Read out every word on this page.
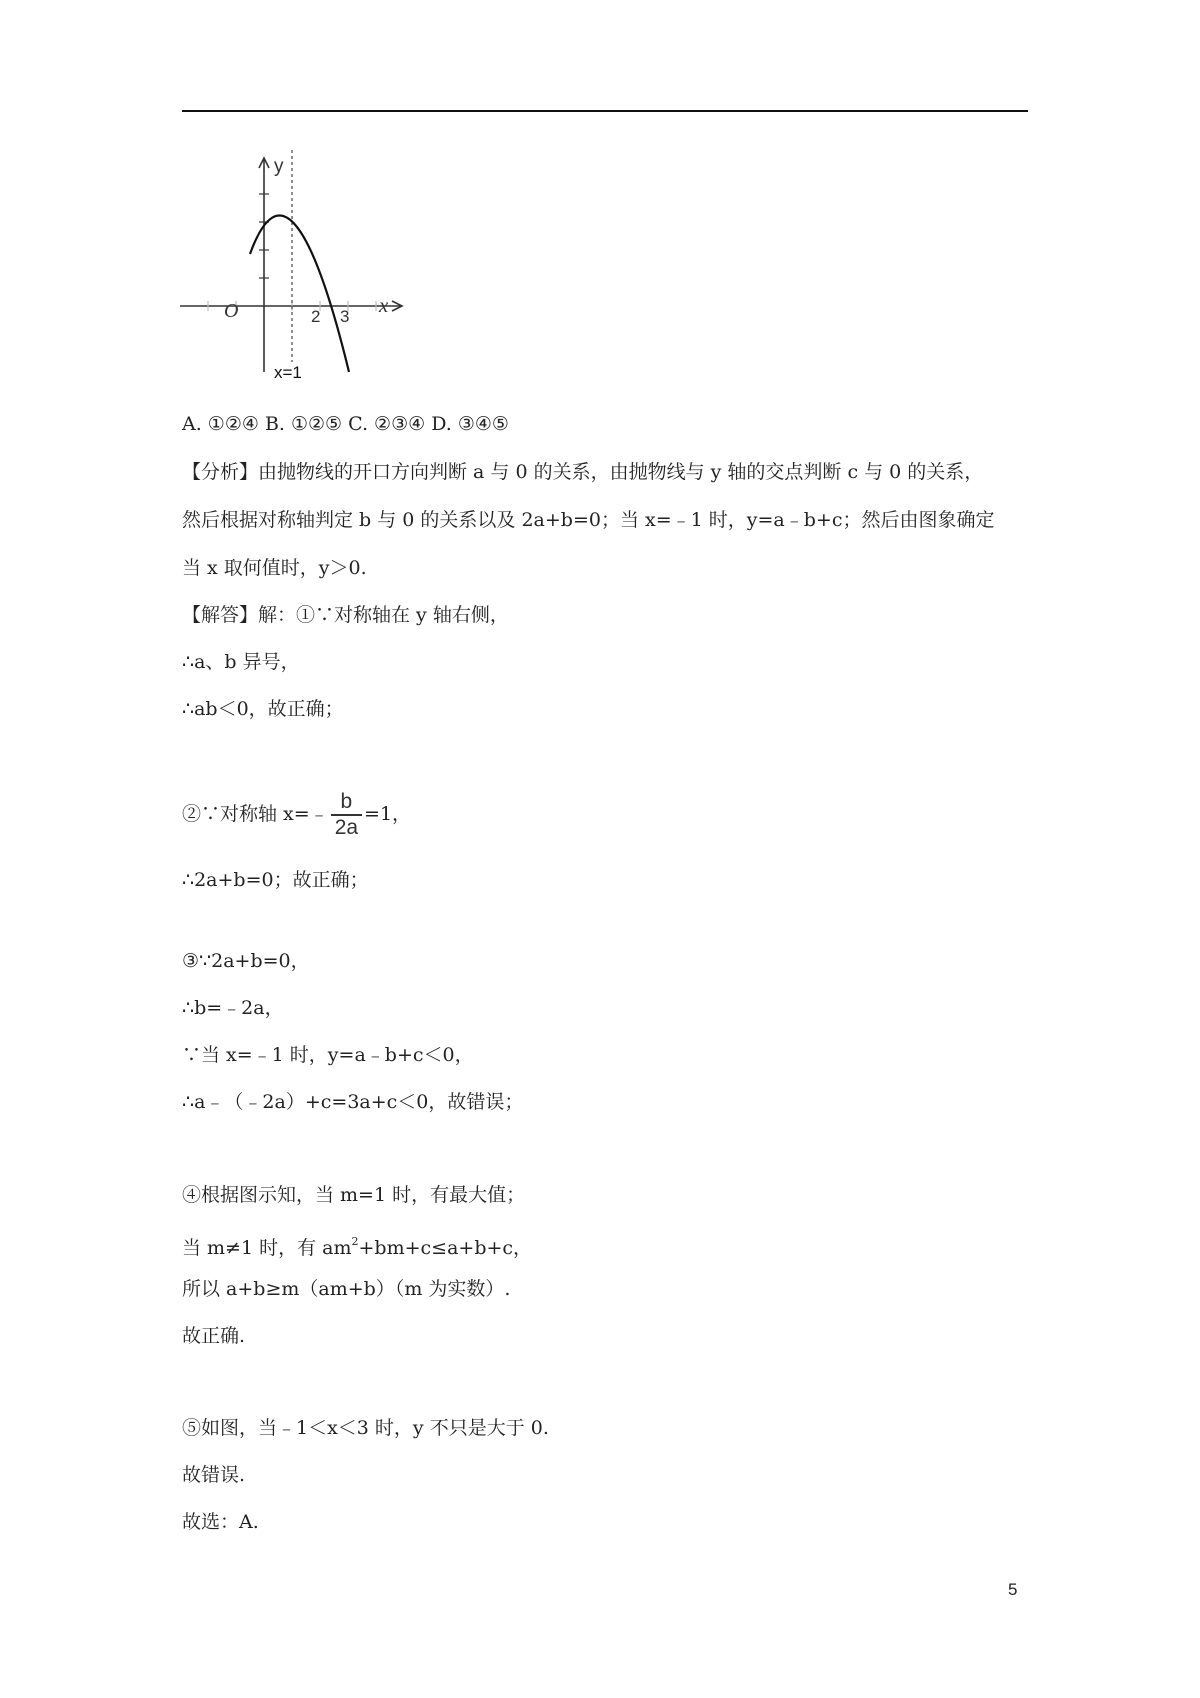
y
x
O	2 3
x=1
A. ①②④ B. ①②⑤ C. ②③④ D. ③④⑤
【分析】由抛物线的开口方向判断 a 与 0 的关系，由抛物线与 y 轴的交点判断 c 与 0 的关系，
然后根据对称轴判定 b 与 0 的关系以及 2a+b=0；当 x=﹣1 时，y=a﹣b+c；然后由图象确定
当 x 取何值时，y＞0.
【解答】解：①∵对称轴在 y 轴右侧，
∴a、b 异号，
∴ab＜0，故正确；
②∵对称轴 x=﹣ $\frac{b}{2a} =1$，
∴2a+b=0；故正确；
③∵2a+b=0，
∴b=﹣2a，
∵当 x=﹣1 时，y=a﹣b+c＜0，
∴a﹣（﹣2a）+c=3a+c＜0，故错误；
④根据图示知，当 m=1 时，有最大值；
当 m≠1 时，有 $am^2+bm+c\le a+b+c$，
所以 a+b≥m（am+b）（m 为实数）.
故正确.
⑤如图，当﹣1＜x＜3 时，y 不只是大于 0.
故错误.
故选：A.
5
